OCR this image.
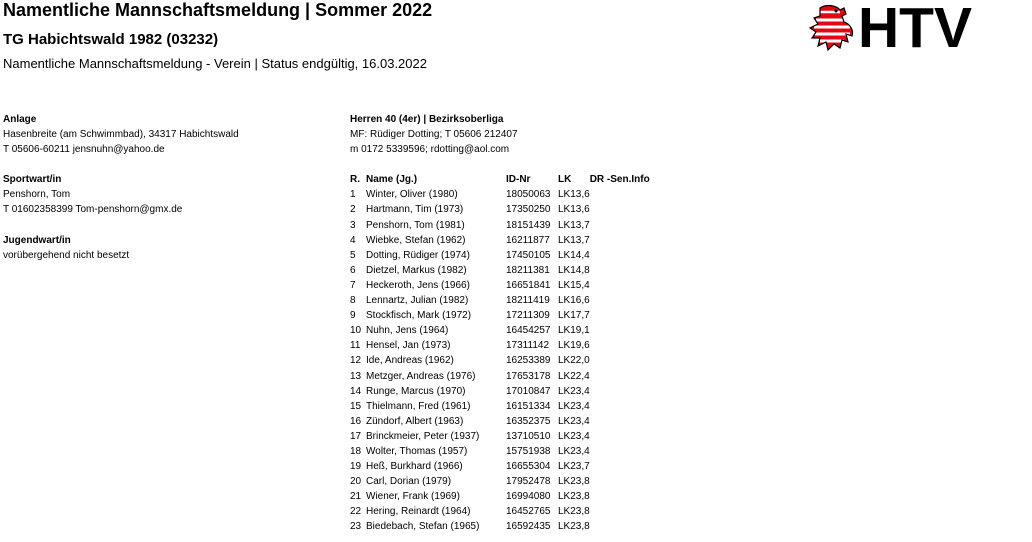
Namentliche Mannschaftsmeldung | Sommer 2022
TG Habichtswald 1982 (03232)
Namentliche Mannschaftsmeldung - Verein | Status endgültig, 16.03.2022
HTV
Anlage
Hasenbreite (am Schwimmbad), 34317 Habichtswald
T 05606-60211 jensnuhn@yahoo.de
Sportwart/in
Penshorn, Tom
T 01602358399 Tom-penshorn@gmx.de
Jugendwart/in
vorübergehend nicht besetzt
Herren 40 (4er) | Bezirksoberliga
MF: Rüdiger Dotting; T 05606 212407
m 0172 5339596; rdotting@aol.com
R.	Name (Jg.)	ID-Nr	LK	DR -Sen.Info
1	Winter, Oliver (1980)	18050063	LK13,6	
2	Hartmann, Tim (1973)	17350250	LK13,6	
3	Penshorn, Tom (1981)	18151439	LK13,7	
4	Wiebke, Stefan (1962)	16211877	LK13,7	
5	Dotting, Rüdiger (1974)	17450105	LK14,4	
6	Dietzel, Markus (1982)	18211381	LK14,8	
7	Heckeroth, Jens (1966)	16651841	LK15,4	
8	Lennartz, Julian (1982)	18211419	LK16,6	
9	Stockfisch, Mark (1972)	17211309	LK17,7	
10	Nuhn, Jens (1964)	16454257	LK19,1	
11	Hensel, Jan (1973)	17311142	LK19,6	
12	Ide, Andreas (1962)	16253389	LK22,0	
13	Metzger, Andreas (1976)	17653178	LK22,4	
14	Runge, Marcus (1970)	17010847	LK23,4	
15	Thielmann, Fred (1961)	16151334	LK23,4	
16	Zündorf, Albert (1963)	16352375	LK23,4	
17	Brinckmeier, Peter (1937)	13710510	LK23,4	
18	Wolter, Thomas (1957)	15751938	LK23,4	
19	Heß, Burkhard (1966)	16655304	LK23,7	
20	Carl, Dorian (1979)	17952478	LK23,8	
21	Wiener, Frank (1969)	16994080	LK23,8	
22	Hering, Reinardt (1964)	16452765	LK23,8	
23	Biedebach, Stefan (1965)	16592435	LK23,8	
